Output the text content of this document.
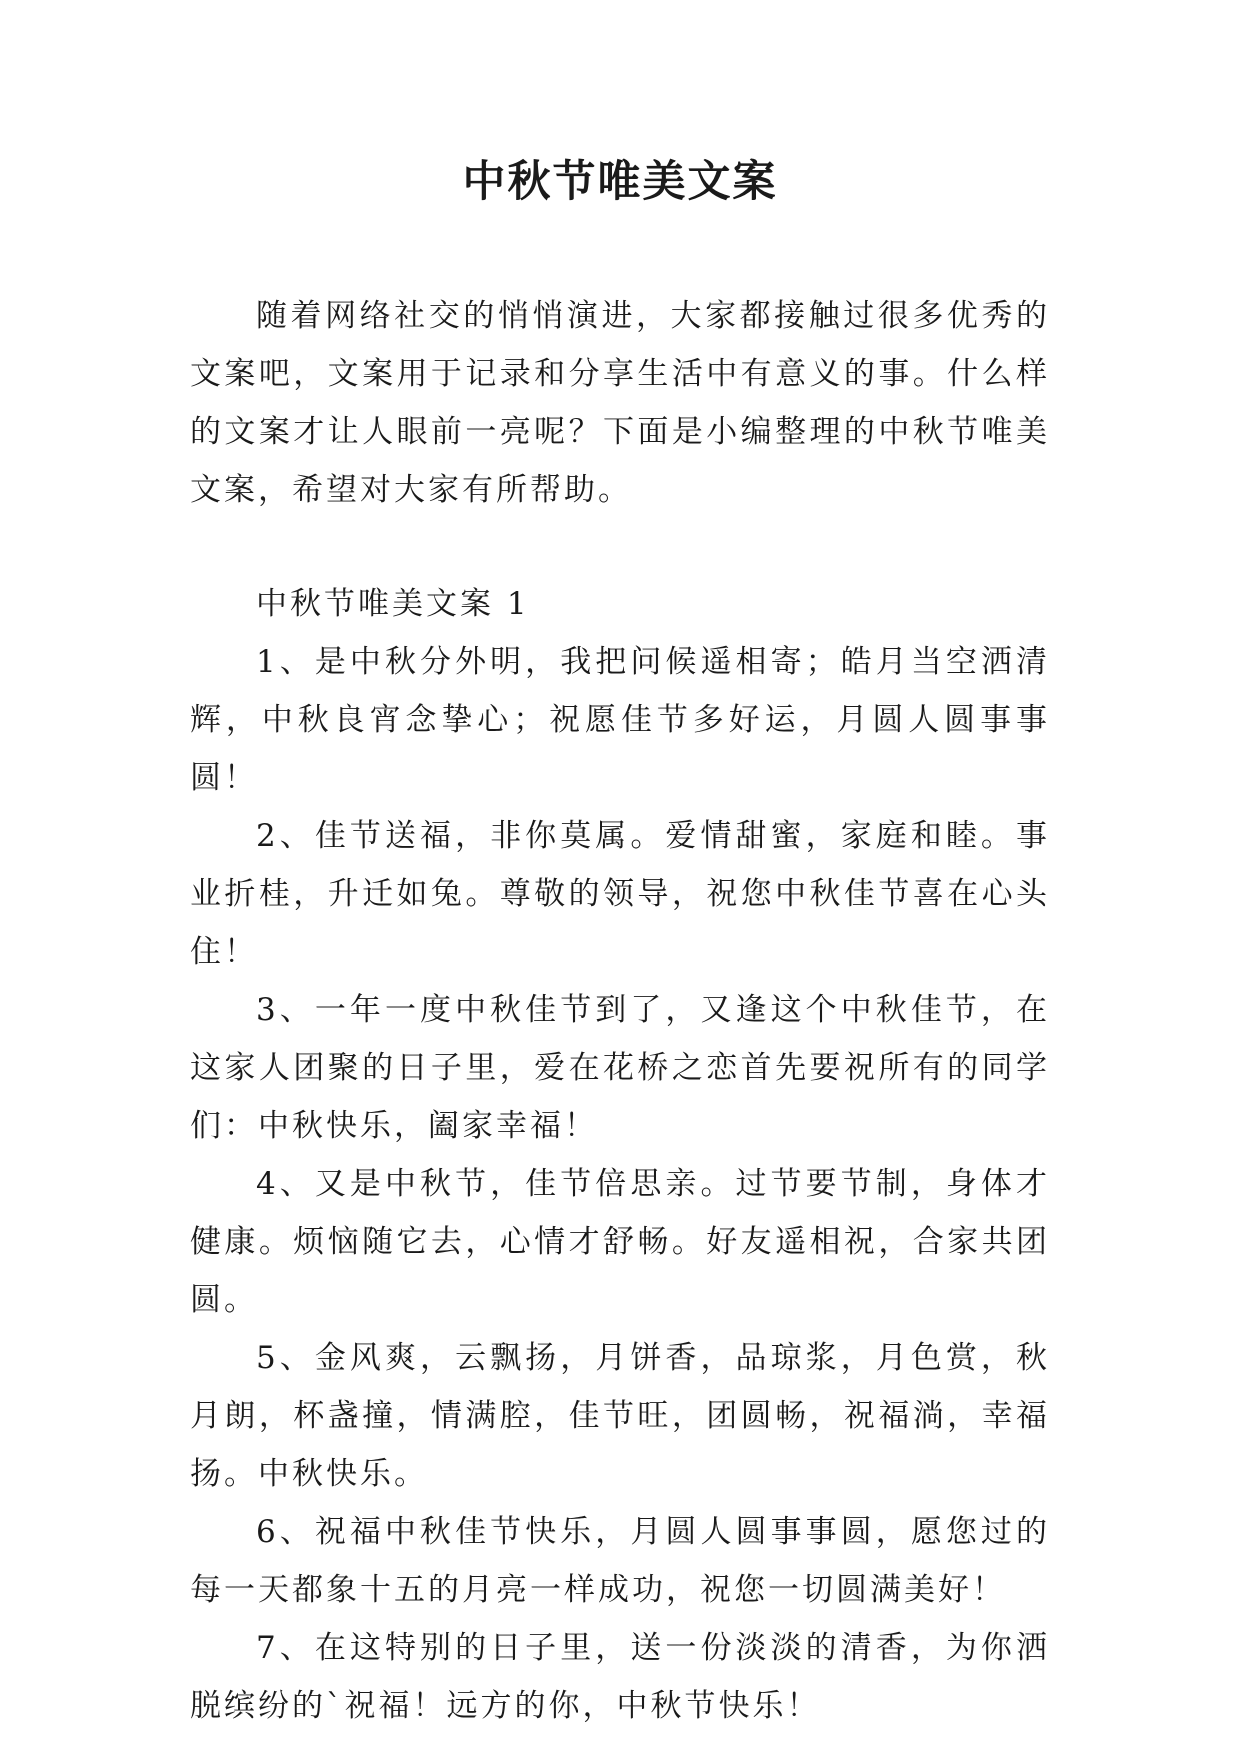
中秋节唯美文案

随着网络社交的悄悄演进，大家都接触过很多优秀的文案吧，文案用于记录和分享生活中有意义的事。什么样的文案才让人眼前一亮呢？下面是小编整理的中秋节唯美文案，希望对大家有所帮助。

中秋节唯美文案 1

1、是中秋分外明，我把问候遥相寄；皓月当空洒清辉，中秋良宵念挚心；祝愿佳节多好运，月圆人圆事事圆！

2、佳节送福，非你莫属。爱情甜蜜，家庭和睦。事业折桂，升迁如兔。尊敬的领导，祝您中秋佳节喜在心头住！

3、一年一度中秋佳节到了，又逢这个中秋佳节，在这家人团聚的日子里，爱在花桥之恋首先要祝所有的同学们：中秋快乐，阖家幸福！

4、又是中秋节，佳节倍思亲。过节要节制，身体才健康。烦恼随它去，心情才舒畅。好友遥相祝，合家共团圆。

5、金风爽，云飘扬，月饼香，品琼浆，月色赏，秋月朗，杯盏撞，情满腔，佳节旺，团圆畅，祝福淌，幸福扬。中秋快乐。

6、祝福中秋佳节快乐，月圆人圆事事圆，愿您过的每一天都象十五的月亮一样成功，祝您一切圆满美好！

7、在这特别的日子里，送一份淡淡的清香，为你洒脱缤纷的`祝福！远方的你，中秋节快乐！
